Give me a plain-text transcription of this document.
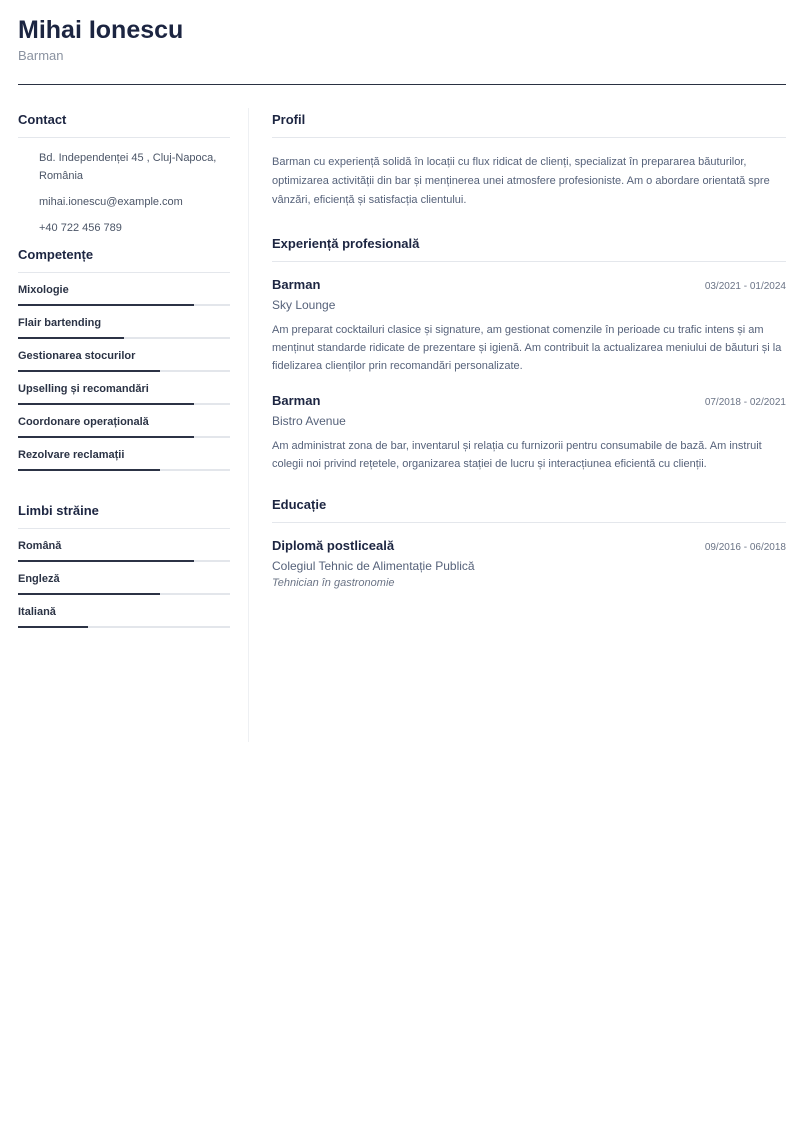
Mihai Ionescu
Barman
Contact
Bd. Independenței 45 , Cluj-Napoca, România
mihai.ionescu@example.com
+40 722 456 789
Competențe
Mixologie
Flair bartending
Gestionarea stocurilor
Upselling și recomandări
Coordonare operațională
Rezolvare reclamații
Limbi străine
Română
Engleză
Italiană
Profil
Barman cu experiență solidă în locații cu flux ridicat de clienți, specializat în prepararea băuturilor, optimizarea activității din bar și menținerea unei atmosfere profesioniste. Am o abordare orientată spre vânzări, eficiență și satisfacția clientului.
Experiență profesională
Barman	03/2021 - 01/2024
Sky Lounge
Am preparat cocktailuri clasice și signature, am gestionat comenzile în perioade cu trafic intens și am menținut standarde ridicate de prezentare și igienă. Am contribuit la actualizarea meniului de băuturi și la fidelizarea clienților prin recomandări personalizate.
Barman	07/2018 - 02/2021
Bistro Avenue
Am administrat zona de bar, inventarul și relația cu furnizorii pentru consumabile de bază. Am instruit colegii noi privind rețetele, organizarea stației de lucru și interacțiunea eficientă cu clienții.
Educație
Diplomă postliceală	09/2016 - 06/2018
Colegiul Tehnic de Alimentație Publică
Tehnician în gastronomie
